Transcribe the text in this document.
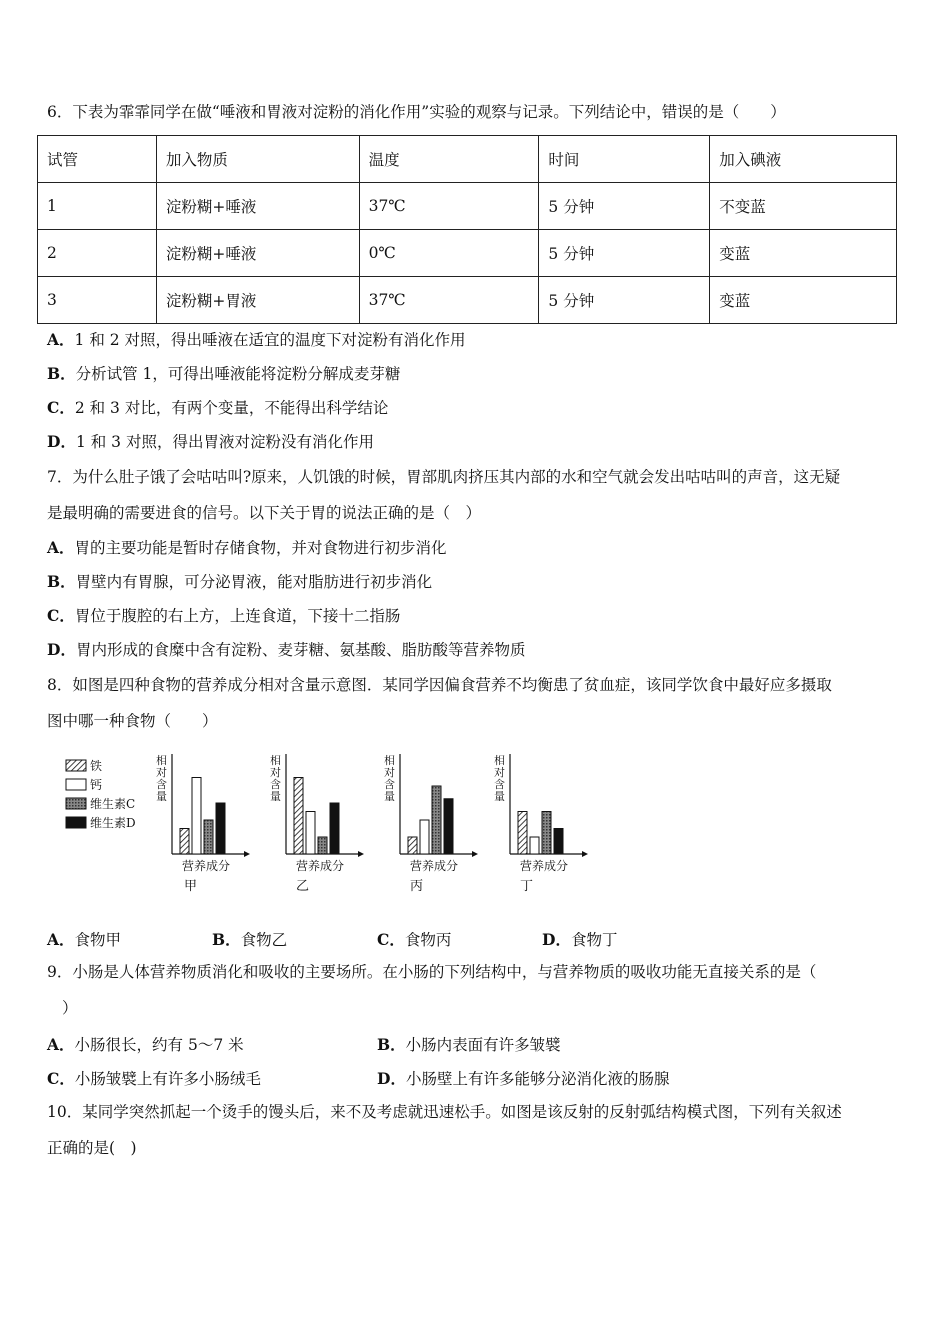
6．下表为霏霏同学在做“唾液和胃液对淀粉的消化作用”实验的观察与记录。下列结论中，错误的是（　　）
试管	加入物质	温度	时间	加入碘液
1	淀粉糊+唾液	37℃	5 分钟	不变蓝
2	淀粉糊+唾液	0℃	5 分钟	变蓝
3	淀粉糊+胃液	37℃	5 分钟	变蓝
A．1 和 2 对照，得出唾液在适宜的温度下对淀粉有消化作用
B．分析试管 1，可得出唾液能将淀粉分解成麦芽糖
C．2 和 3 对比，有两个变量，不能得出科学结论
D．1 和 3 对照，得出胃液对淀粉没有消化作用
7．为什么肚子饿了会咕咕叫?原来，人饥饿的时候，胃部肌肉挤压其内部的水和空气就会发出咕咕叫的声音，这无疑
是最明确的需要进食的信号。以下关于胃的说法正确的是（　）
A．胃的主要功能是暂时存储食物，并对食物进行初步消化
B．胃壁内有胃腺，可分泌胃液，能对脂肪进行初步消化
C．胃位于腹腔的右上方，上连食道，下接十二指肠
D．胃内形成的食糜中含有淀粉、麦芽糖、氨基酸、脂肪酸等营养物质
8．如图是四种食物的营养成分相对含量示意图．某同学因偏食营养不均衡患了贫血症，该同学饮食中最好应多摄取
图中哪一种食物（　　）
铁
钙
维生素C
维生素D
相
对
含
量
营养成分
甲
相
对
含
量
营养成分
乙
相
对
含
量
营养成分
丙
相
对
含
量
营养成分
丁
A．食物甲	B．食物乙	C．食物丙	D．食物丁
9．小肠是人体营养物质消化和吸收的主要场所。在小肠的下列结构中，与营养物质的吸收功能无直接关系的是（
）
A．小肠很长，约有 5～7 米	B．小肠内表面有许多皱襞
C．小肠皱襞上有许多小肠绒毛	D．小肠壁上有许多能够分泌消化液的肠腺
10．某同学突然抓起一个烫手的馒头后，来不及考虑就迅速松手。如图是该反射的反射弧结构模式图，下列有关叙述
正确的是(　)
